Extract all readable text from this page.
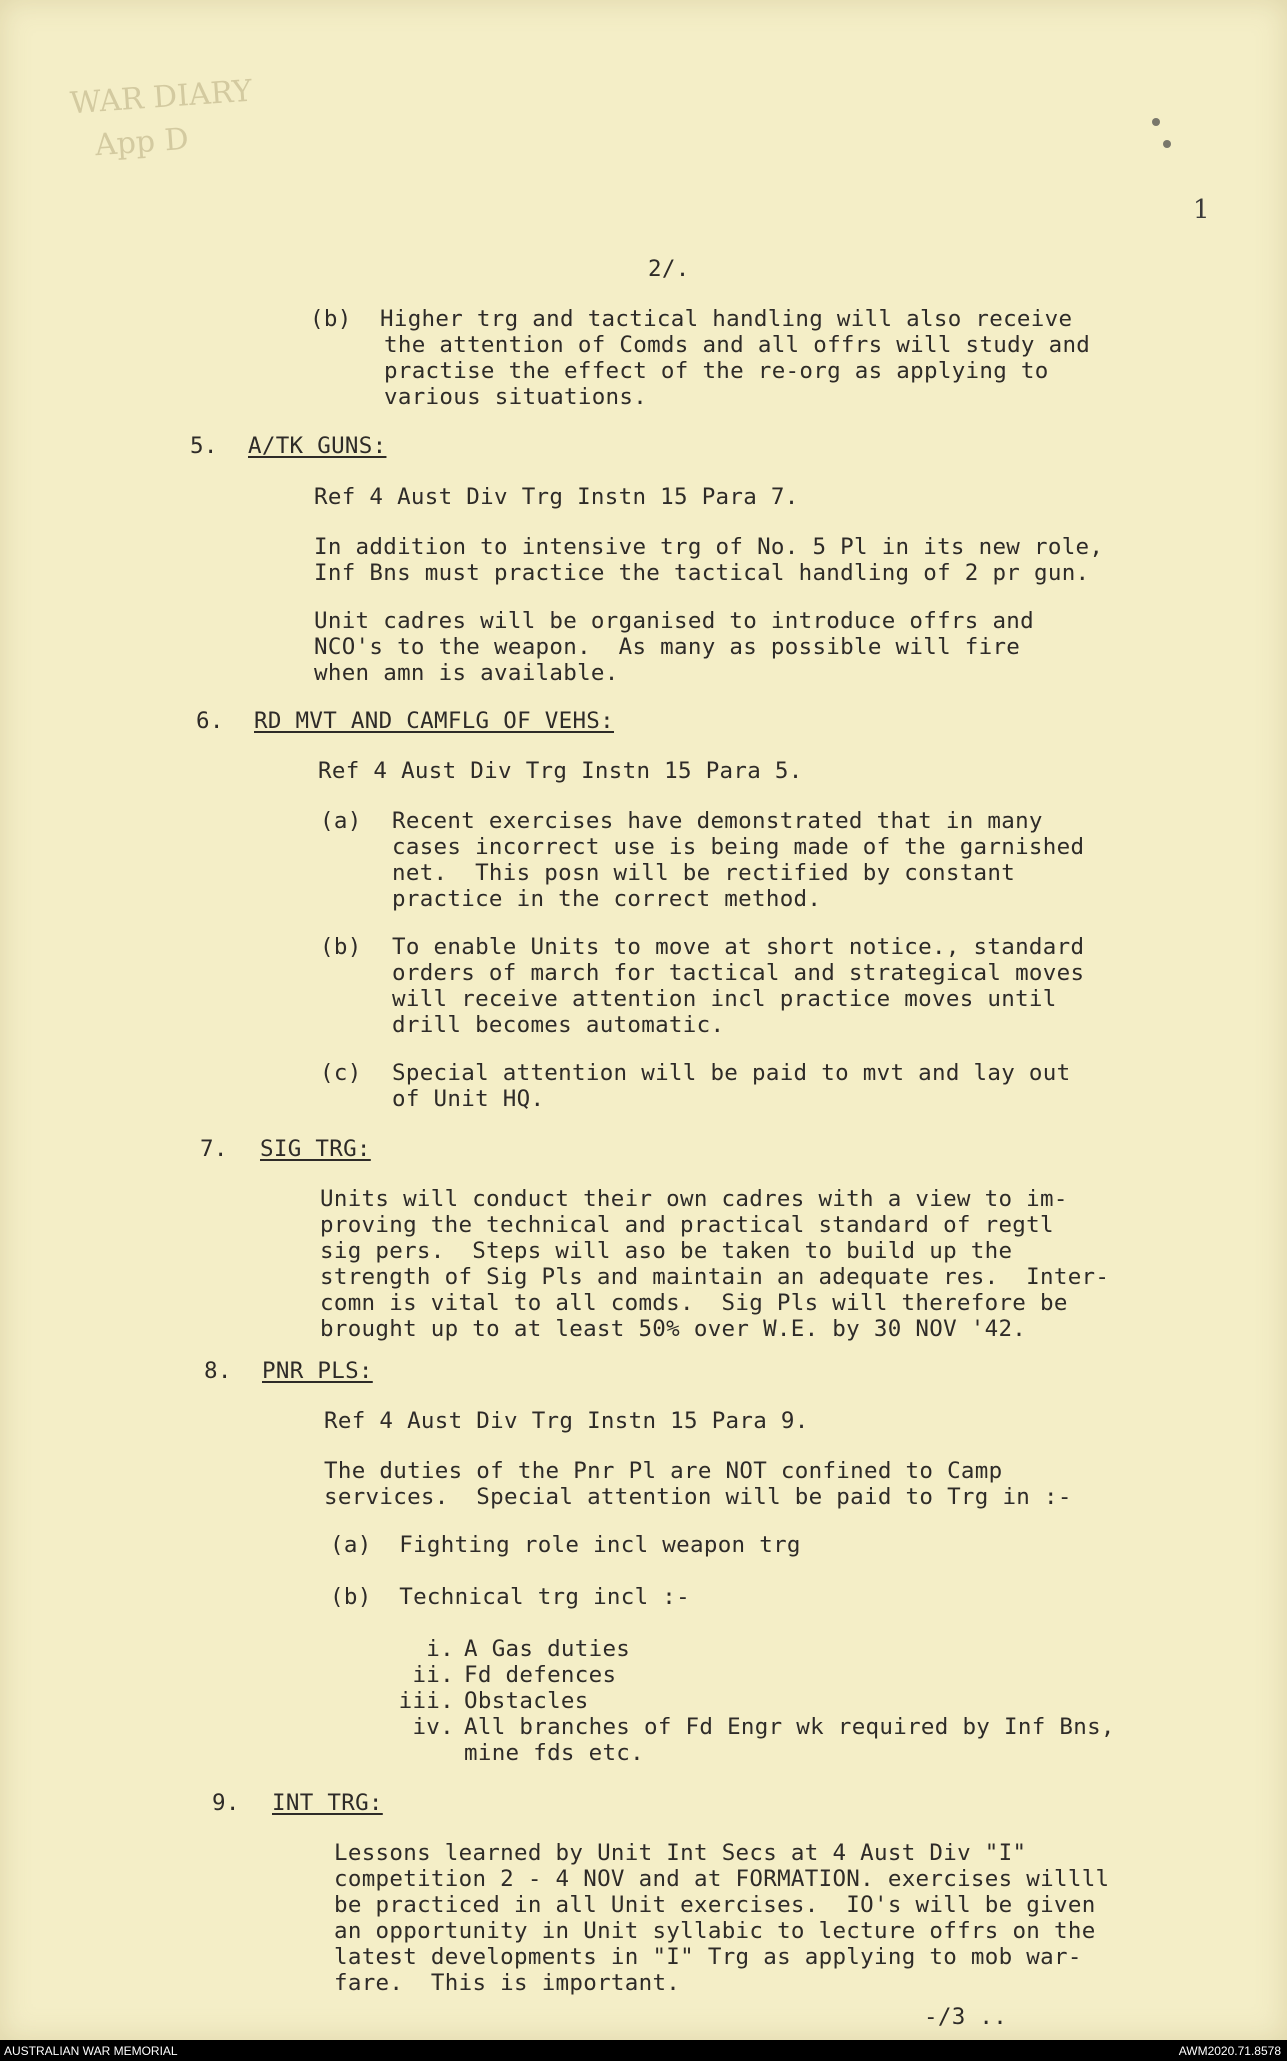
WAR DIARY
App D
1
2/.
(b) Higher trg and tactical handling will also receive
the attention of Comds and all offrs will study and
practise the effect of the re-org as applying to
various situations.
5. A/TK GUNS:
Ref 4 Aust Div Trg Instn 15 Para 7.
In addition to intensive trg of No. 5 Pl in its new role,
Inf Bns must practice the tactical handling of 2 pr gun.
Unit cadres will be organised to introduce offrs and
NCO's to the weapon.  As many as possible will fire
when amn is available.
6. RD MVT AND CAMFLG OF VEHS:
Ref 4 Aust Div Trg Instn 15 Para 5.
(a) Recent exercises have demonstrated that in many
cases incorrect use is being made of the garnished
net.  This posn will be rectified by constant
practice in the correct method.
(b) To enable Units to move at short notice., standard
orders of march for tactical and strategical moves
will receive attention incl practice moves until
drill becomes automatic.
(c) Special attention will be paid to mvt and lay out
of Unit HQ.
7. SIG TRG:
Units will conduct their own cadres with a view to im-
proving the technical and practical standard of regtl
sig pers.  Steps will aso be taken to build up the
strength of Sig Pls and maintain an adequate res.  Inter-
comn is vital to all comds.  Sig Pls will therefore be
brought up to at least 50% over W.E. by 30 NOV '42.
8. PNR PLS:
Ref 4 Aust Div Trg Instn 15 Para 9.
The duties of the Pnr Pl are NOT confined to Camp
services.  Special attention will be paid to Trg in :-
(a)  Fighting role incl weapon trg
(b)  Technical trg incl :-
i. A Gas duties
ii. Fd defences
iii. Obstacles
iv. All branches of Fd Engr wk required by Inf Bns,
mine fds etc.
9. INT TRG:
Lessons learned by Unit Int Secs at 4 Aust Div "I"
competition 2 - 4 NOV and at FORMATION. exercises willll
be practiced in all Unit exercises.  IO's will be given
an opportunity in Unit syllabic to lecture offrs on the
latest developments in "I" Trg as applying to mob war-
fare.  This is important.
-/3 ..
AUSTRALIAN WAR MEMORIAL	AWM2020.71.8578
